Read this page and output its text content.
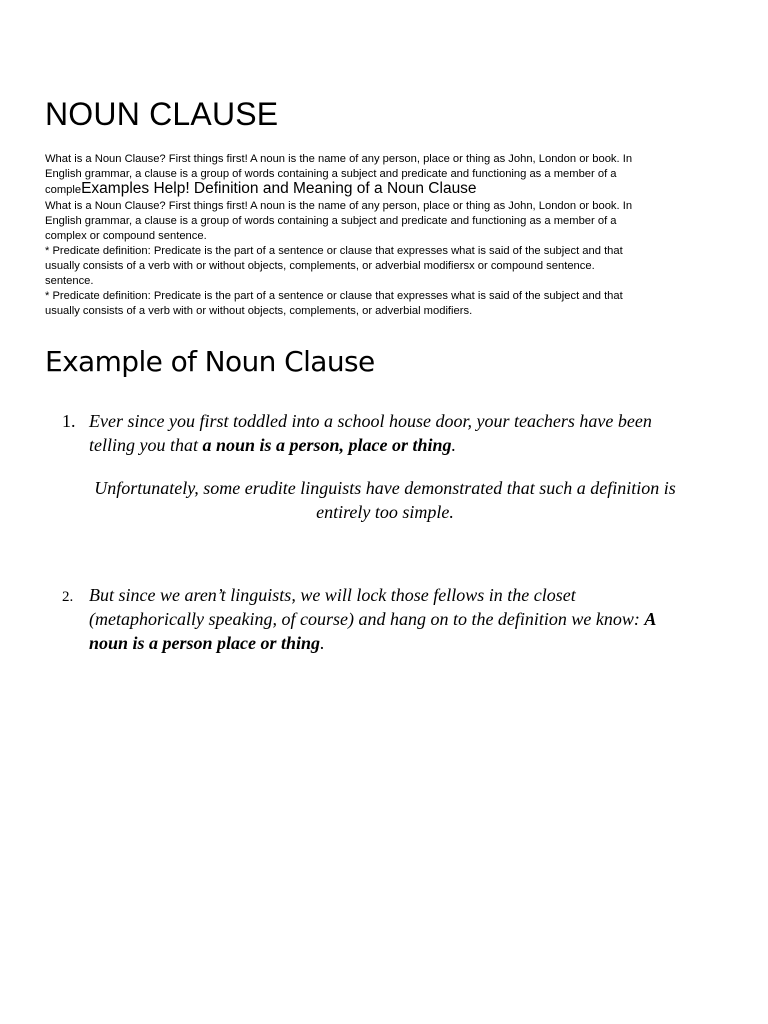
NOUN CLAUSE
What is a Noun Clause? First things first! A noun is the name of any person, place or thing as John, London or book. In
English grammar, a clause is a group of words containing a subject and predicate and functioning as a member of a
compleExamples Help! Definition and Meaning of a Noun Clause
What is a Noun Clause? First things first! A noun is the name of any person, place or thing as John, London or book. In
English grammar, a clause is a group of words containing a subject and predicate and functioning as a member of a
complex or compound sentence.
* Predicate definition: Predicate is the part of a sentence or clause that expresses what is said of the subject and that
usually consists of a verb with or without objects, complements, or adverbial modifiersx or compound sentence.
sentence.
* Predicate definition: Predicate is the part of a sentence or clause that expresses what is said of the subject and that
usually consists of a verb with or without objects, complements, or adverbial modifiers.
Example of Noun Clause
1. Ever since you first toddled into a school house door, your teachers have been
telling you that a noun is a person, place or thing.
Unfortunately, some erudite linguists have demonstrated that such a definition is
entirely too simple.
2. But since we aren’t linguists, we will lock those fellows in the closet
(metaphorically speaking, of course) and hang on to the definition we know: A
noun is a person place or thing.
